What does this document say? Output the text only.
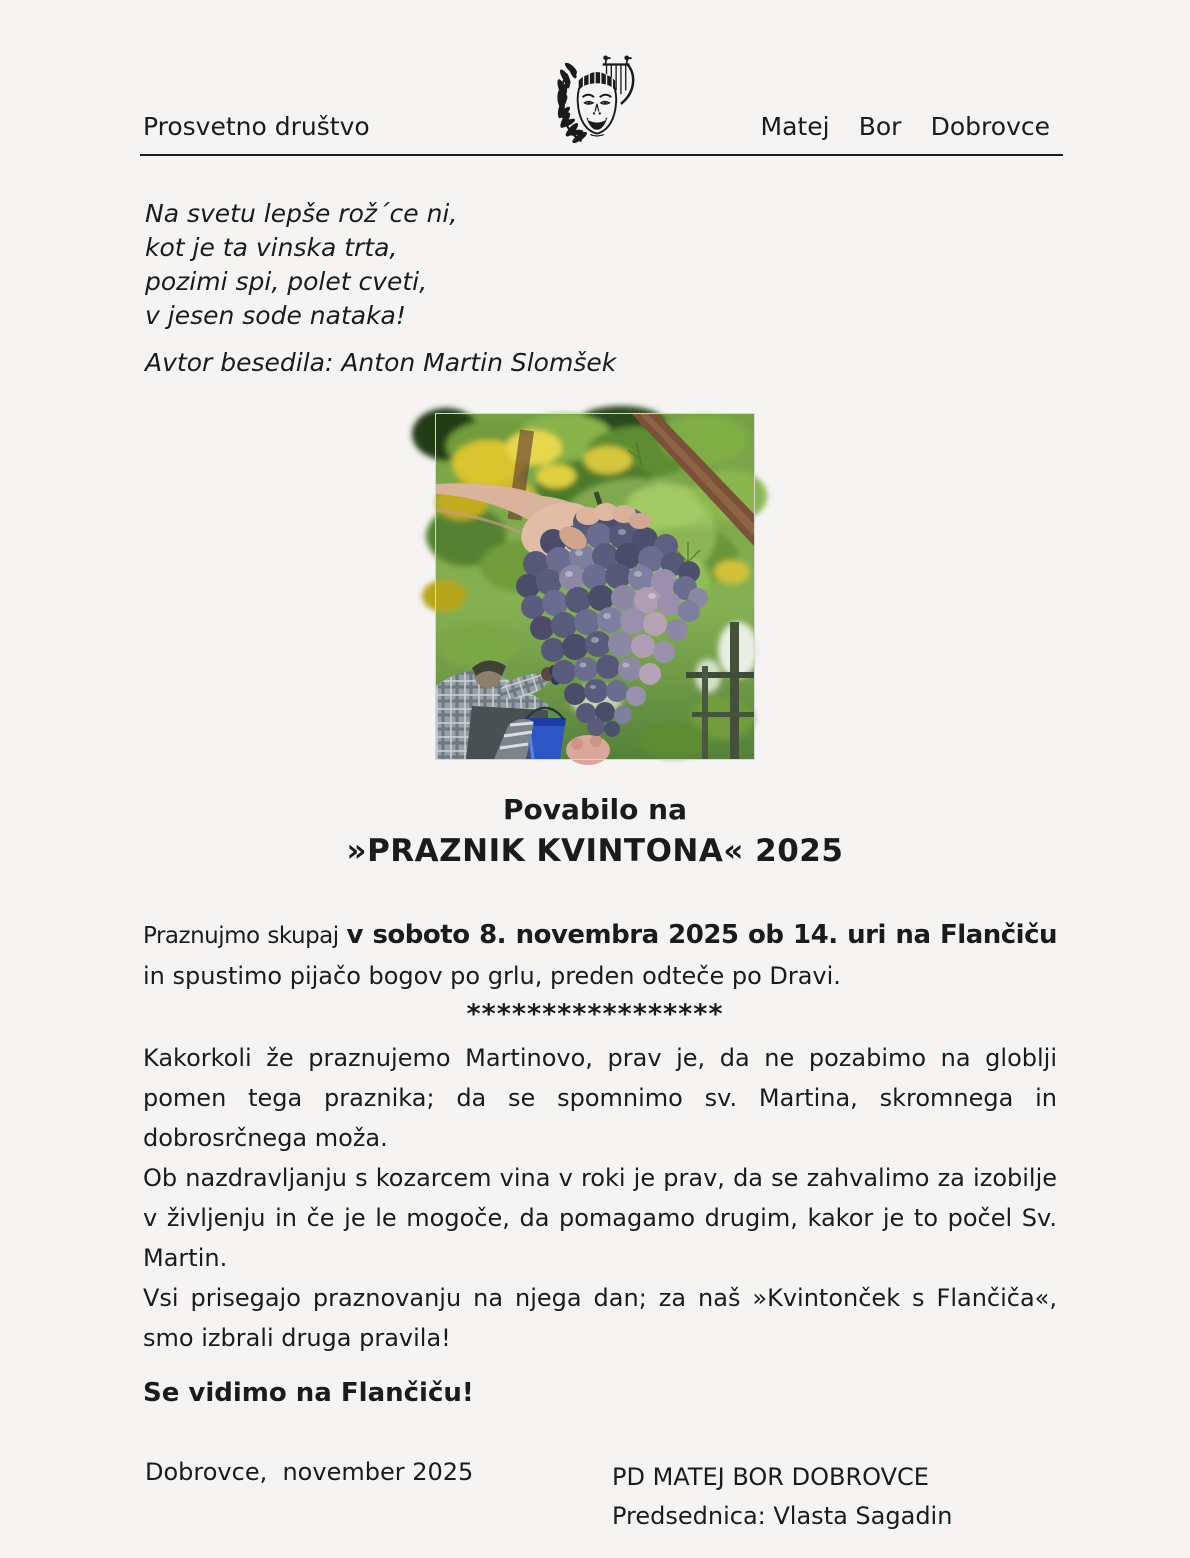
Prosvetno društvo	Matej Bor Dobrovce
Na svetu lepše rož´ce ni,
kot je ta vinska trta,
pozimi spi, polet cveti,
v jesen sode nataka!
Avtor besedila: Anton Martin Slomšek
Povabilo na
»PRAZNIK KVINTONA« 2025
Praznujmo skupaj v soboto 8. novembra 2025 ob 14. uri na Flančiču
in spustimo pijačo bogov po grlu, preden odteče po Dravi.
*****************

Kakorkoli že praznujemo Martinovo, prav je, da ne pozabimo na globlji pomen tega praznika; da se spomnimo sv. Martina, skromnega in dobrosrčnega moža.

Ob nazdravljanju s kozarcem vina v roki je prav, da se zahvalimo za izobilje v življenju in če je le mogoče, da pomagamo drugim, kakor je to počel Sv. Martin.

Vsi prisegajo praznovanju na njega dan; za naš »Kvintonček s Flančiča«, smo izbrali druga pravila!

Se vidimo na Flančiču!
Dobrovce,  november 2025	PD MATEJ BOR DOBROVCE
Predsednica: Vlasta Sagadin
